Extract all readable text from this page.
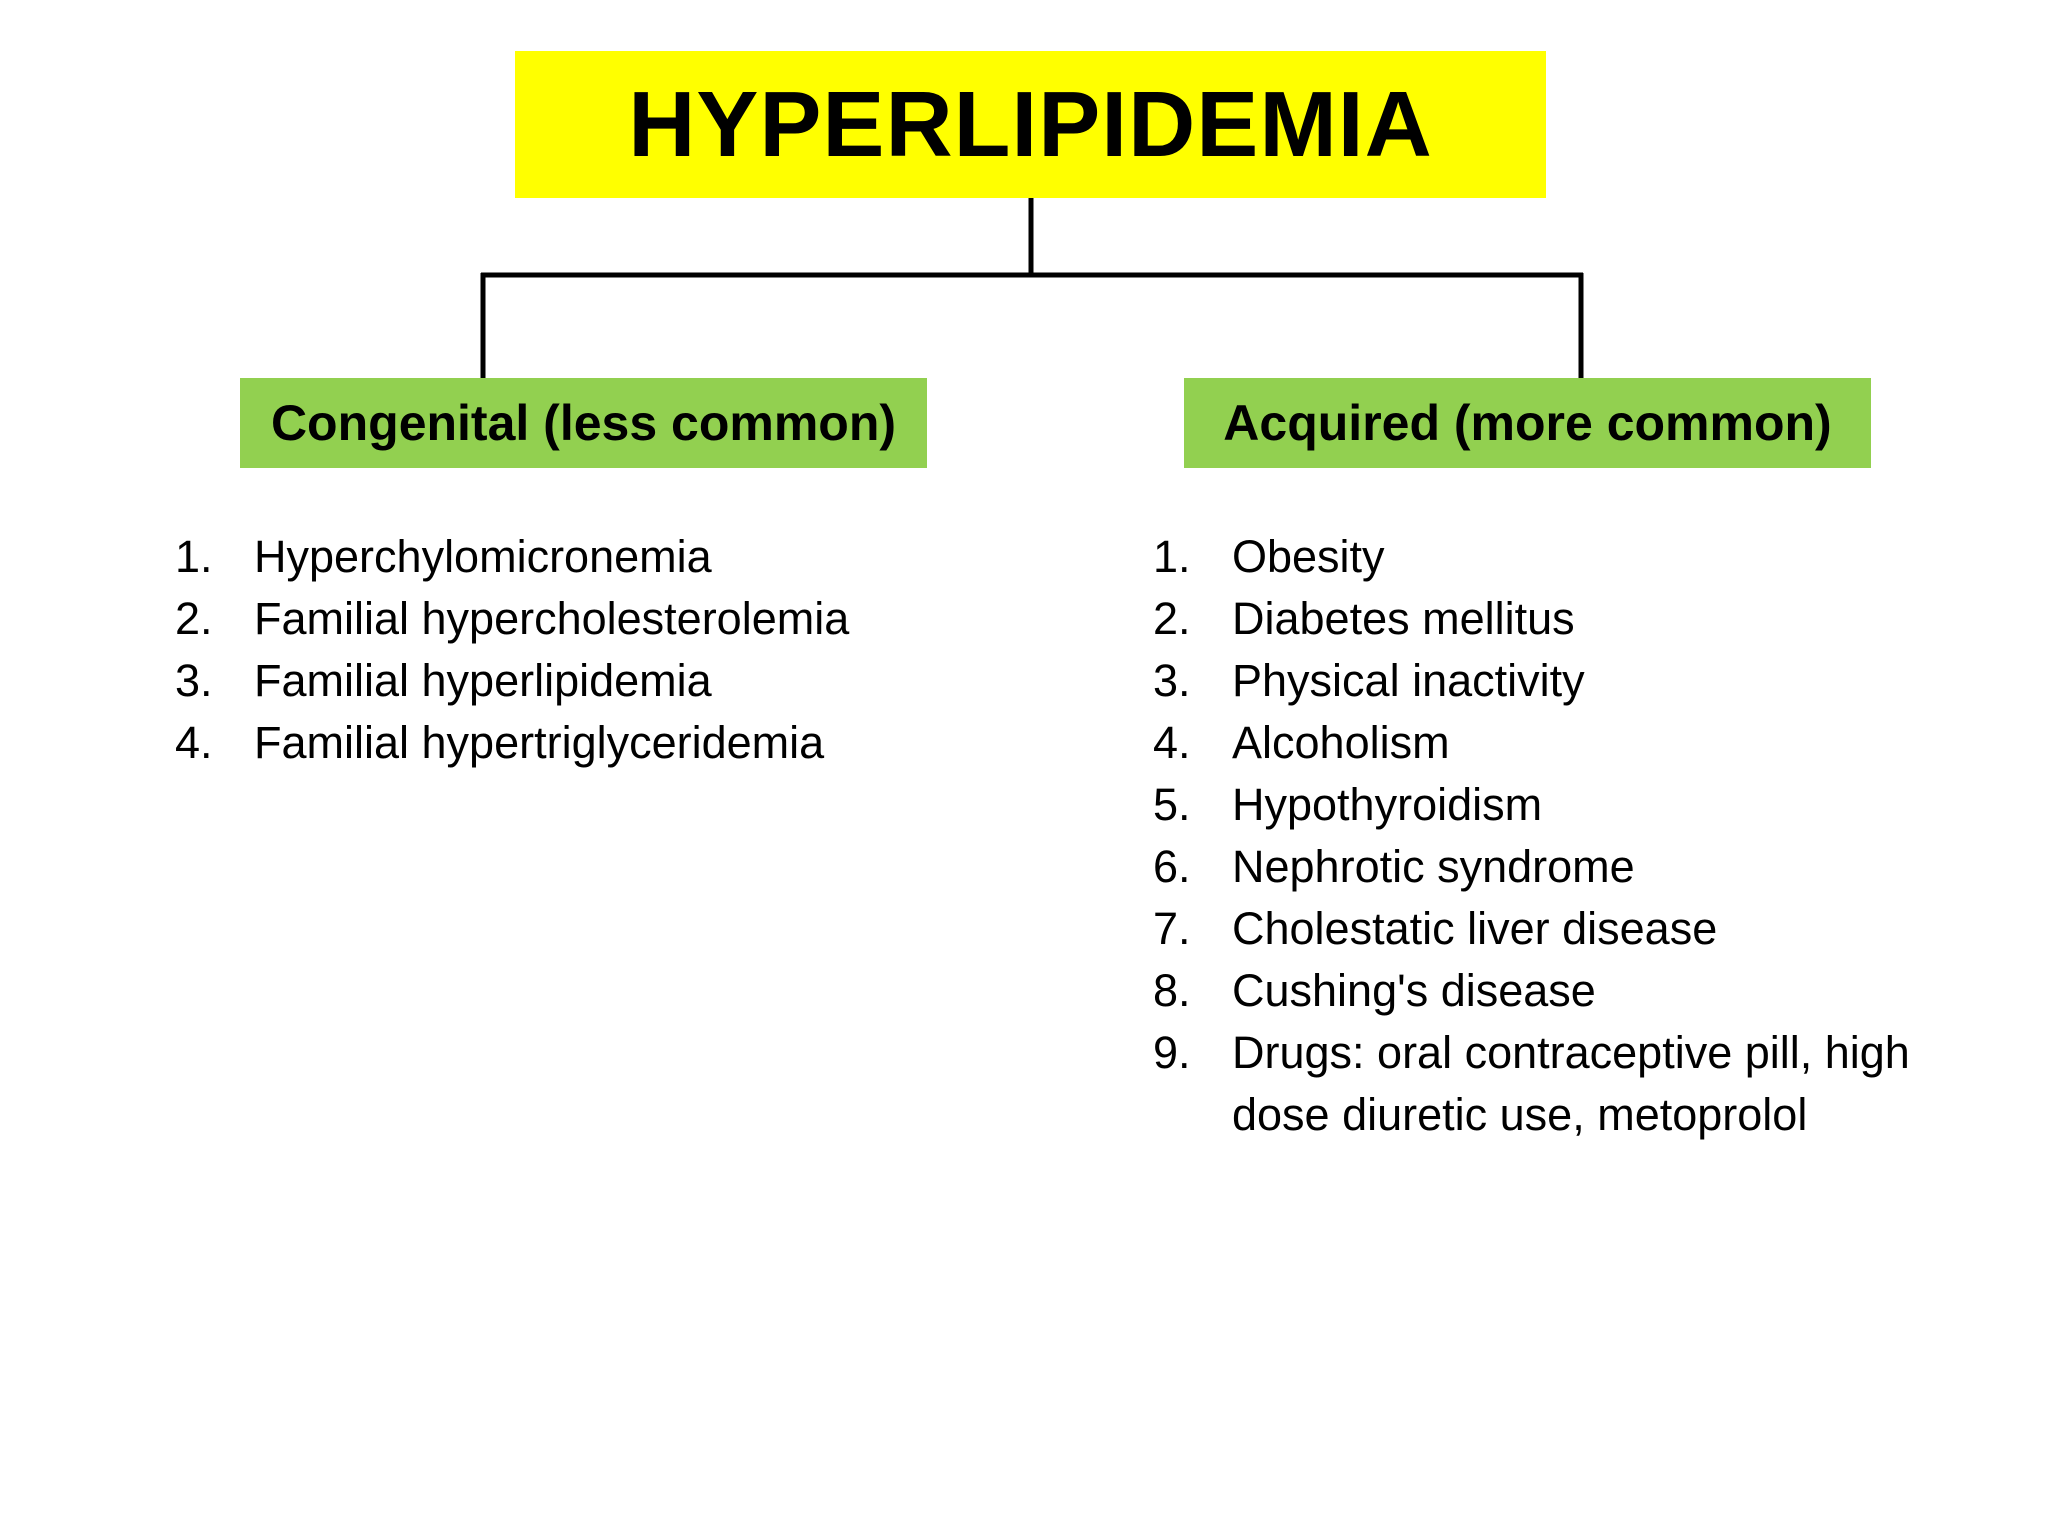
HYPERLIPIDEMIA
Congenital (less common)	Acquired (more common)
1. Hyperchylomicronemia
2. Familial hypercholesterolemia
3. Familial hyperlipidemia
4. Familial hypertriglyceridemia
1. Obesity
2. Diabetes mellitus
3. Physical inactivity
4. Alcoholism
5. Hypothyroidism
6. Nephrotic syndrome
7. Cholestatic liver disease
8. Cushing's disease
9. Drugs: oral contraceptive pill, high dose diuretic use, metoprolol
